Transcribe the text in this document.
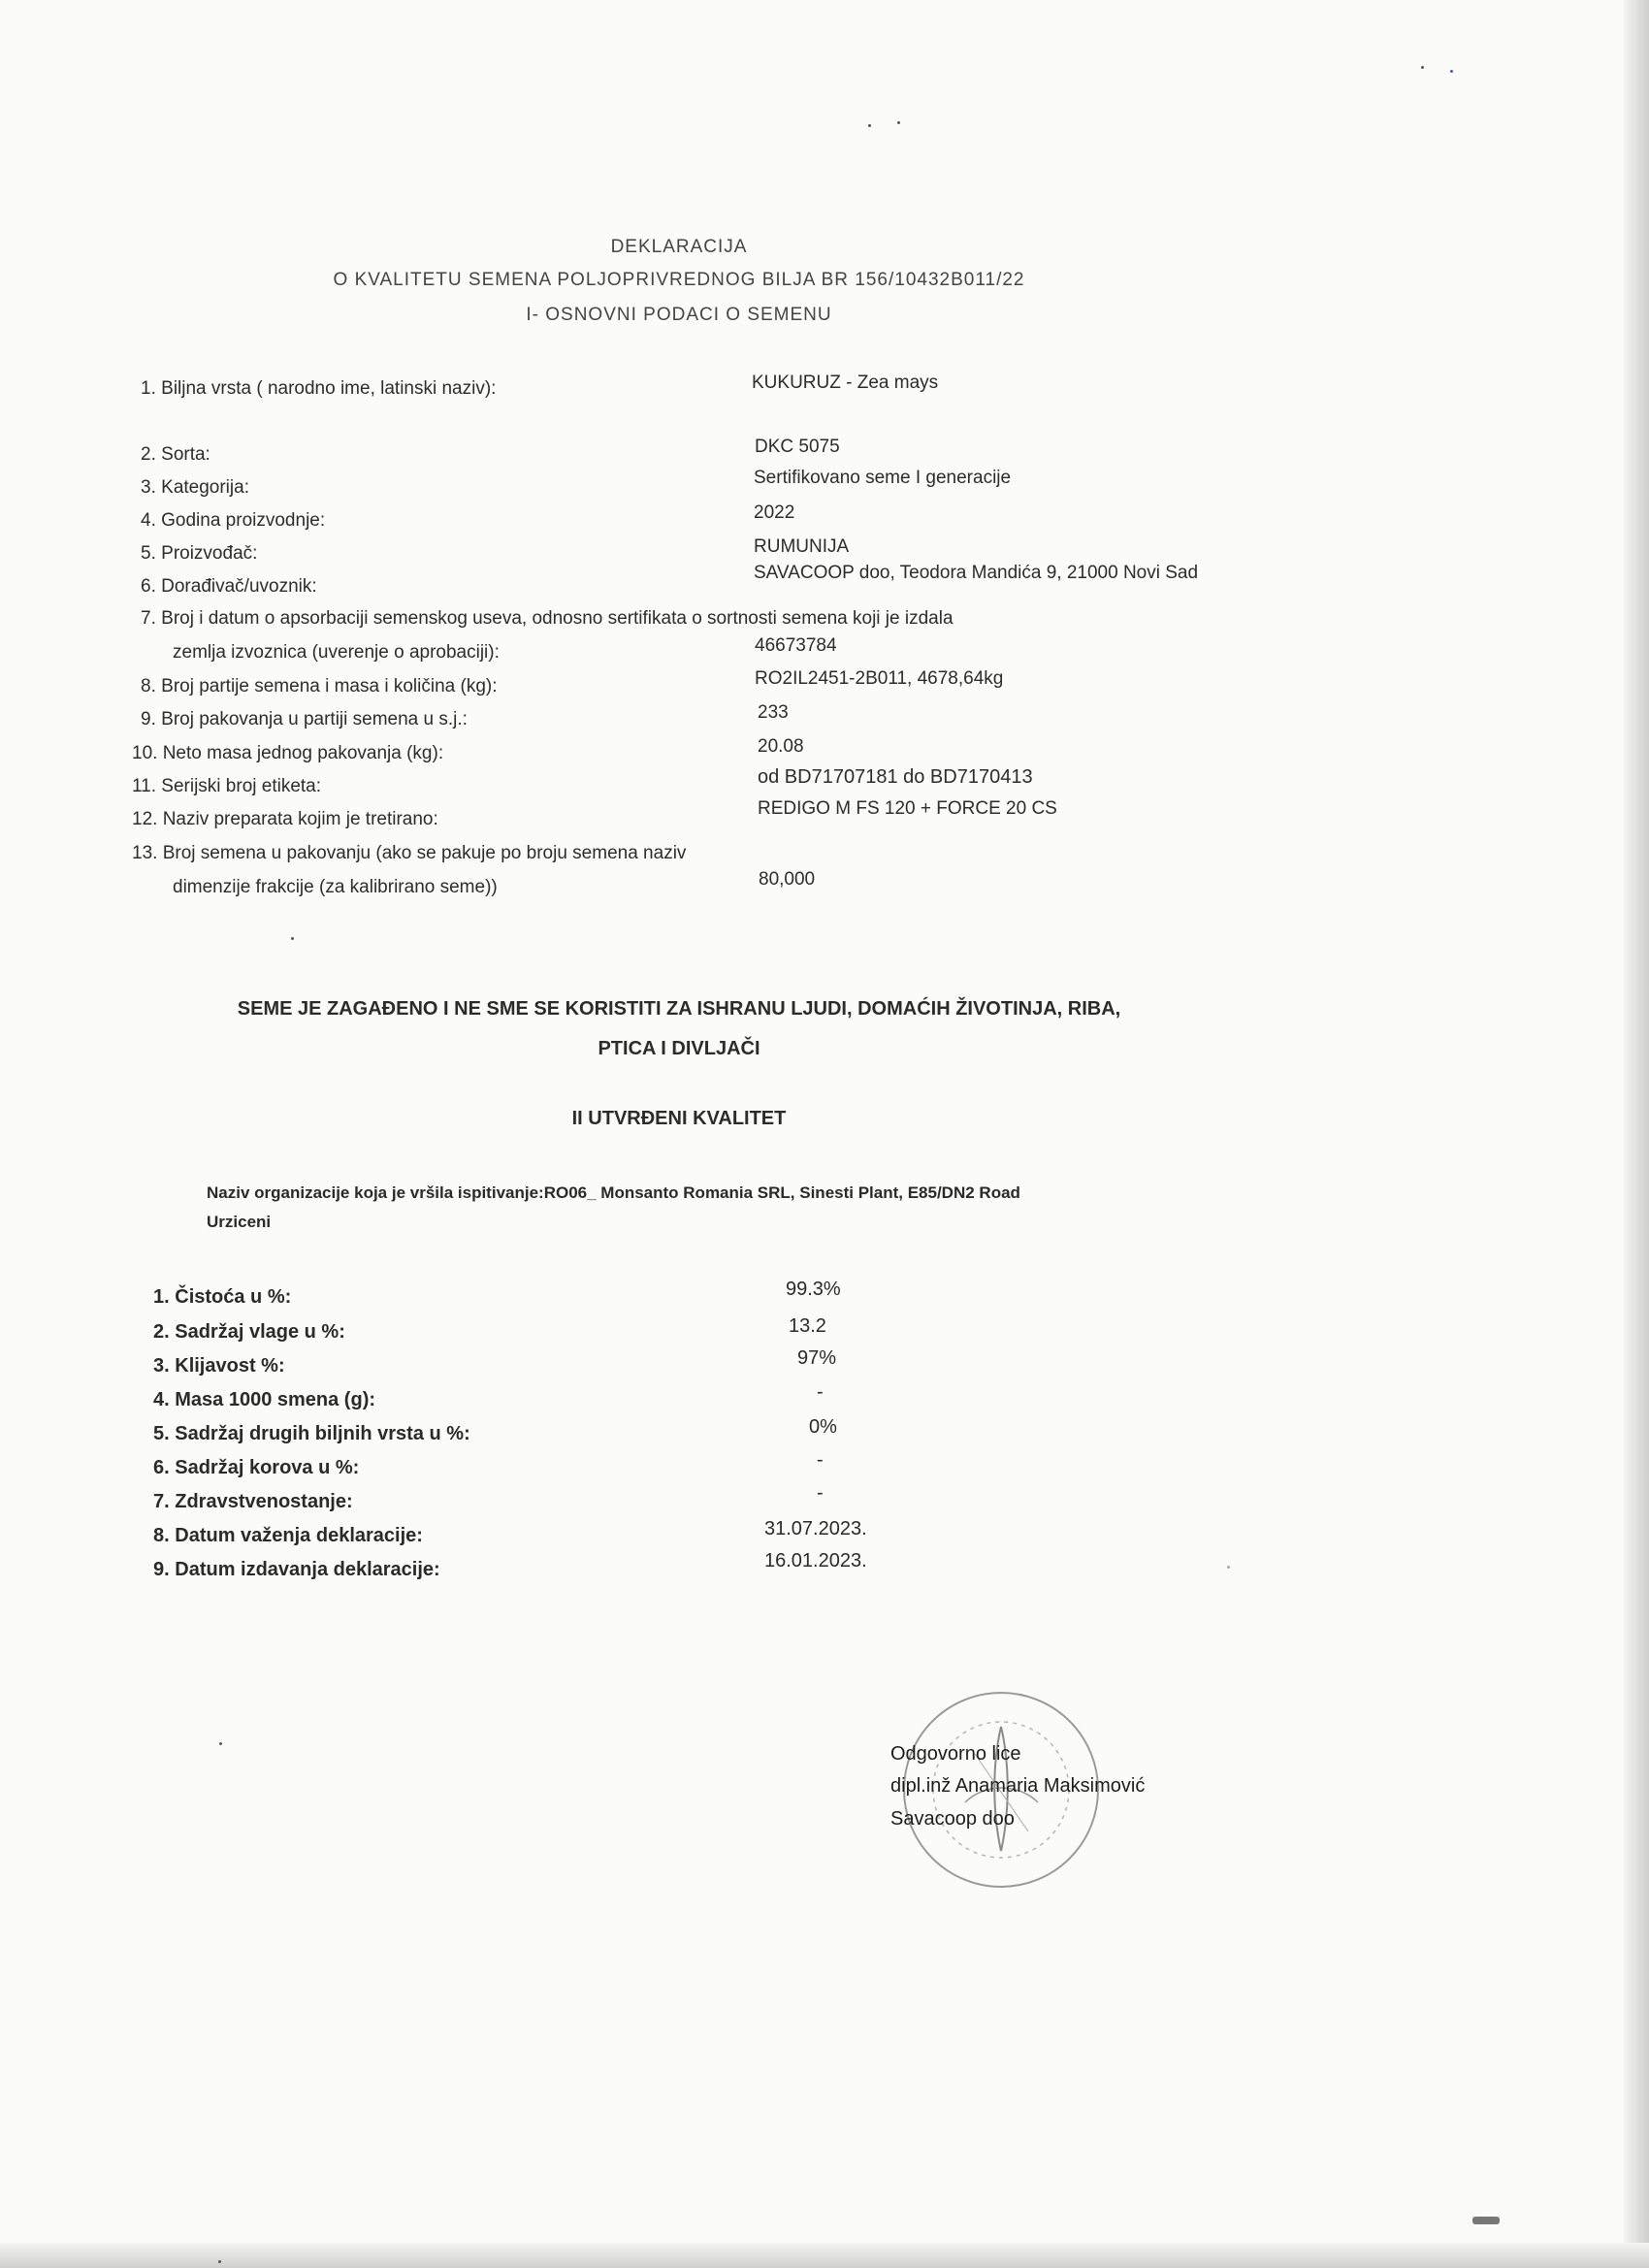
DEKLARACIJA
O KVALITETU SEMENA POLJOPRIVREDNOG BILJA BR 156/10432B011/22
I- OSNOVNI PODACI O SEMENU
1. Biljna vrsta ( narodno ime, latinski naziv):	KUKURUZ - Zea mays
2. Sorta:	DKC 5075
3. Kategorija:	Sertifikovano seme I generacije
4. Godina proizvodnje:	2022
5. Proizvođač:	RUMUNIJA
6. Dorađivač/uvoznik:
SAVACOOP doo, Teodora Mandića 9, 21000 Novi Sad
7. Broj i datum o apsorbaciji semenskog useva, odnosno sertifikata o sortnosti semena koji je izdala
zemlja izvoznica (uverenje o aprobaciji):	46673784
8. Broj partije semena i masa i količina (kg):	RO2IL2451-2B011, 4678,64kg
9. Broj pakovanja u partiji semena u s.j.:	233
10. Neto masa jednog pakovanja (kg):	20.08
11. Serijski broj etiketa:	od BD71707181 do BD7170413
12. Naziv preparata kojim je tretirano:
REDIGO M FS 120 + FORCE 20 CS
13. Broj semena u pakovanju (ako se pakuje po broju semena naziv
dimenzije frakcije (za kalibrirano seme))	80,000
SEME JE ZAGAĐENO I NE SME SE KORISTITI ZA ISHRANU LJUDI, DOMAĆIH ŽIVOTINJA, RIBA,
PTICA I DIVLJAČI
II UTVRĐENI KVALITET
Naziv organizacije koja je vršila ispitivanje:RO06_ Monsanto Romania SRL, Sinesti Plant, E85/DN2 Road
Urziceni
1. Čistoća u %:	99.3%
2. Sadržaj vlage u %:	13.2
3. Klijavost %:	97%
4. Masa 1000 smena (g):	-
5. Sadržaj drugih biljnih vrsta u %:	0%
6. Sadržaj korova u %:	-
7. Zdravstvenostanje:	-
8. Datum važenja deklaracije:	31.07.2023.
9. Datum izdavanja deklaracije:	16.01.2023.
Odgovorno lice
dipl.inž Anamaria Maksimović
Savacoop doo
